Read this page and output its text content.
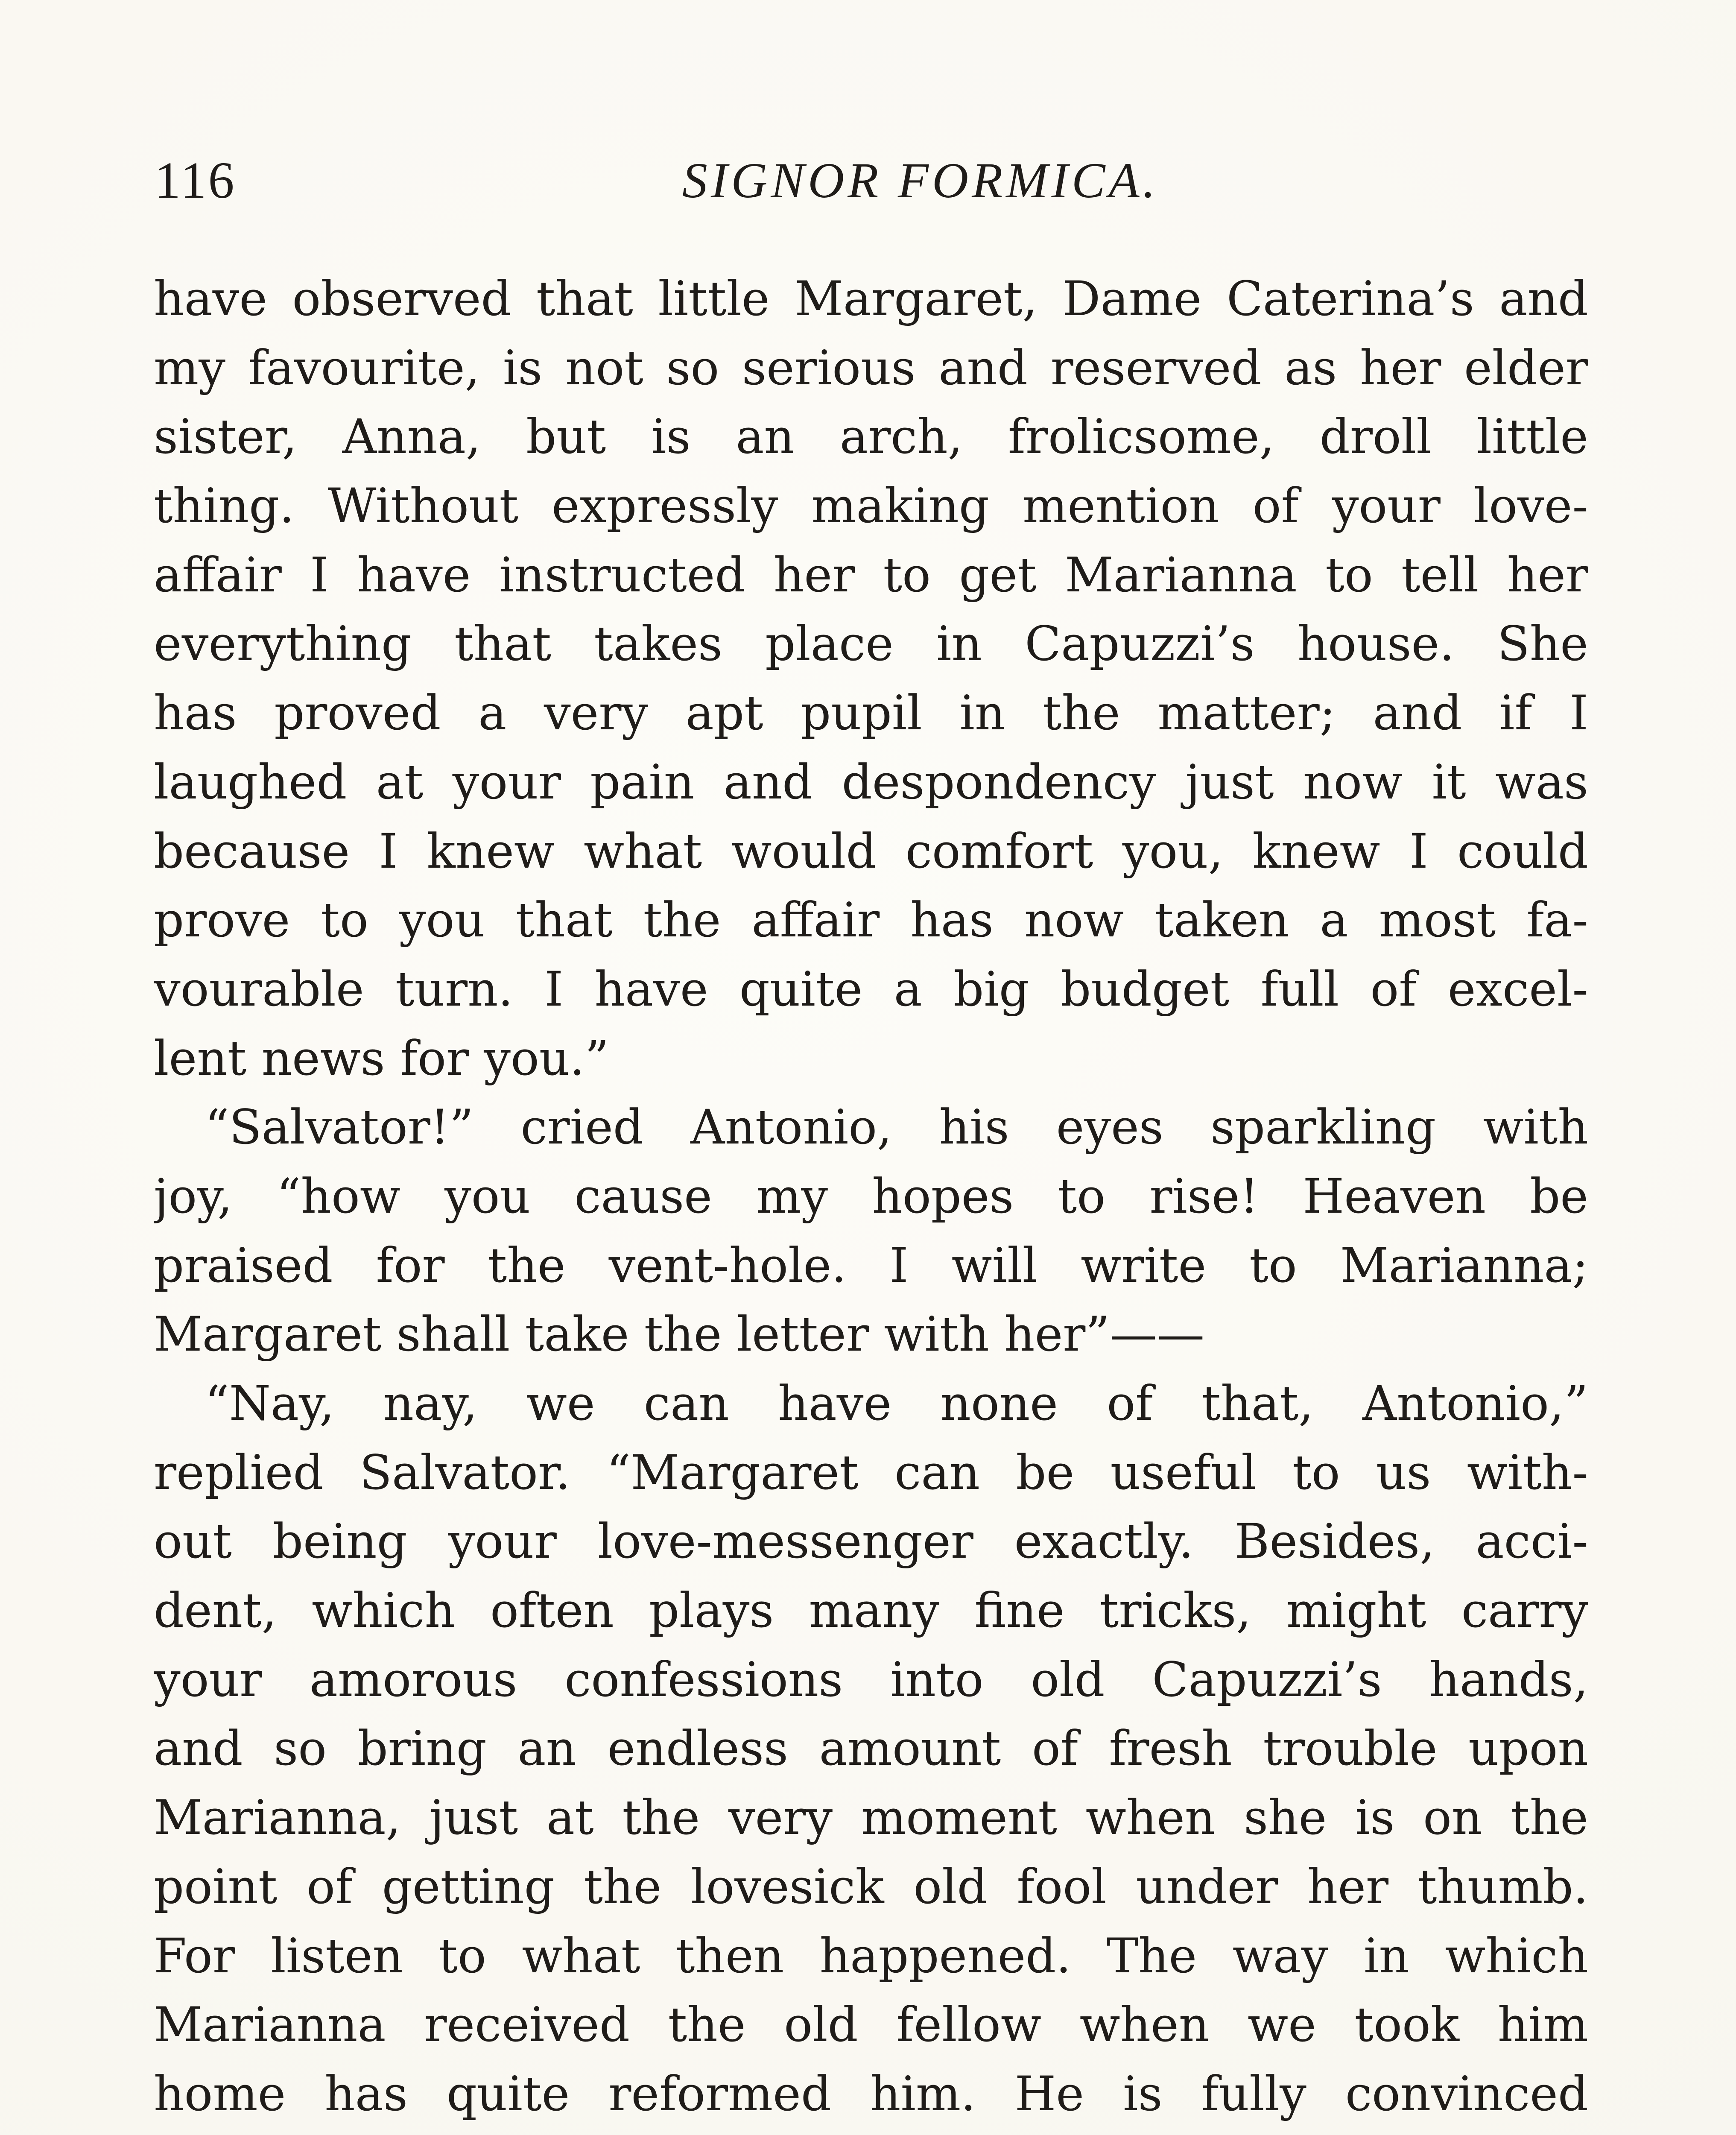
116	SIGNOR FORMICA.
have observed that little Margaret, Dame Caterina’s and
my favourite, is not so serious and reserved as her elder
sister, Anna, but is an arch, frolicsome, droll little
thing. Without expressly making mention of your love-
affair I have instructed her to get Marianna to tell her
everything that takes place in Capuzzi’s house. She
has proved a very apt pupil in the matter; and if I
laughed at your pain and despondency just now it was
because I knew what would comfort you, knew I could
prove to you that the affair has now taken a most fa-
vourable turn. I have quite a big budget full of excel-
lent news for you.”
“Salvator!” cried Antonio, his eyes sparkling with
joy, “how you cause my hopes to rise! Heaven be
praised for the vent-hole. I will write to Marianna;
Margaret shall take the letter with her”——
“Nay, nay, we can have none of that, Antonio,”
replied Salvator. “Margaret can be useful to us with-
out being your love-messenger exactly. Besides, acci-
dent, which often plays many fine tricks, might carry
your amorous confessions into old Capuzzi’s hands,
and so bring an endless amount of fresh trouble upon
Marianna, just at the very moment when she is on the
point of getting the lovesick old fool under her thumb.
For listen to what then happened. The way in which
Marianna received the old fellow when we took him
home has quite reformed him. He is fully convinced
